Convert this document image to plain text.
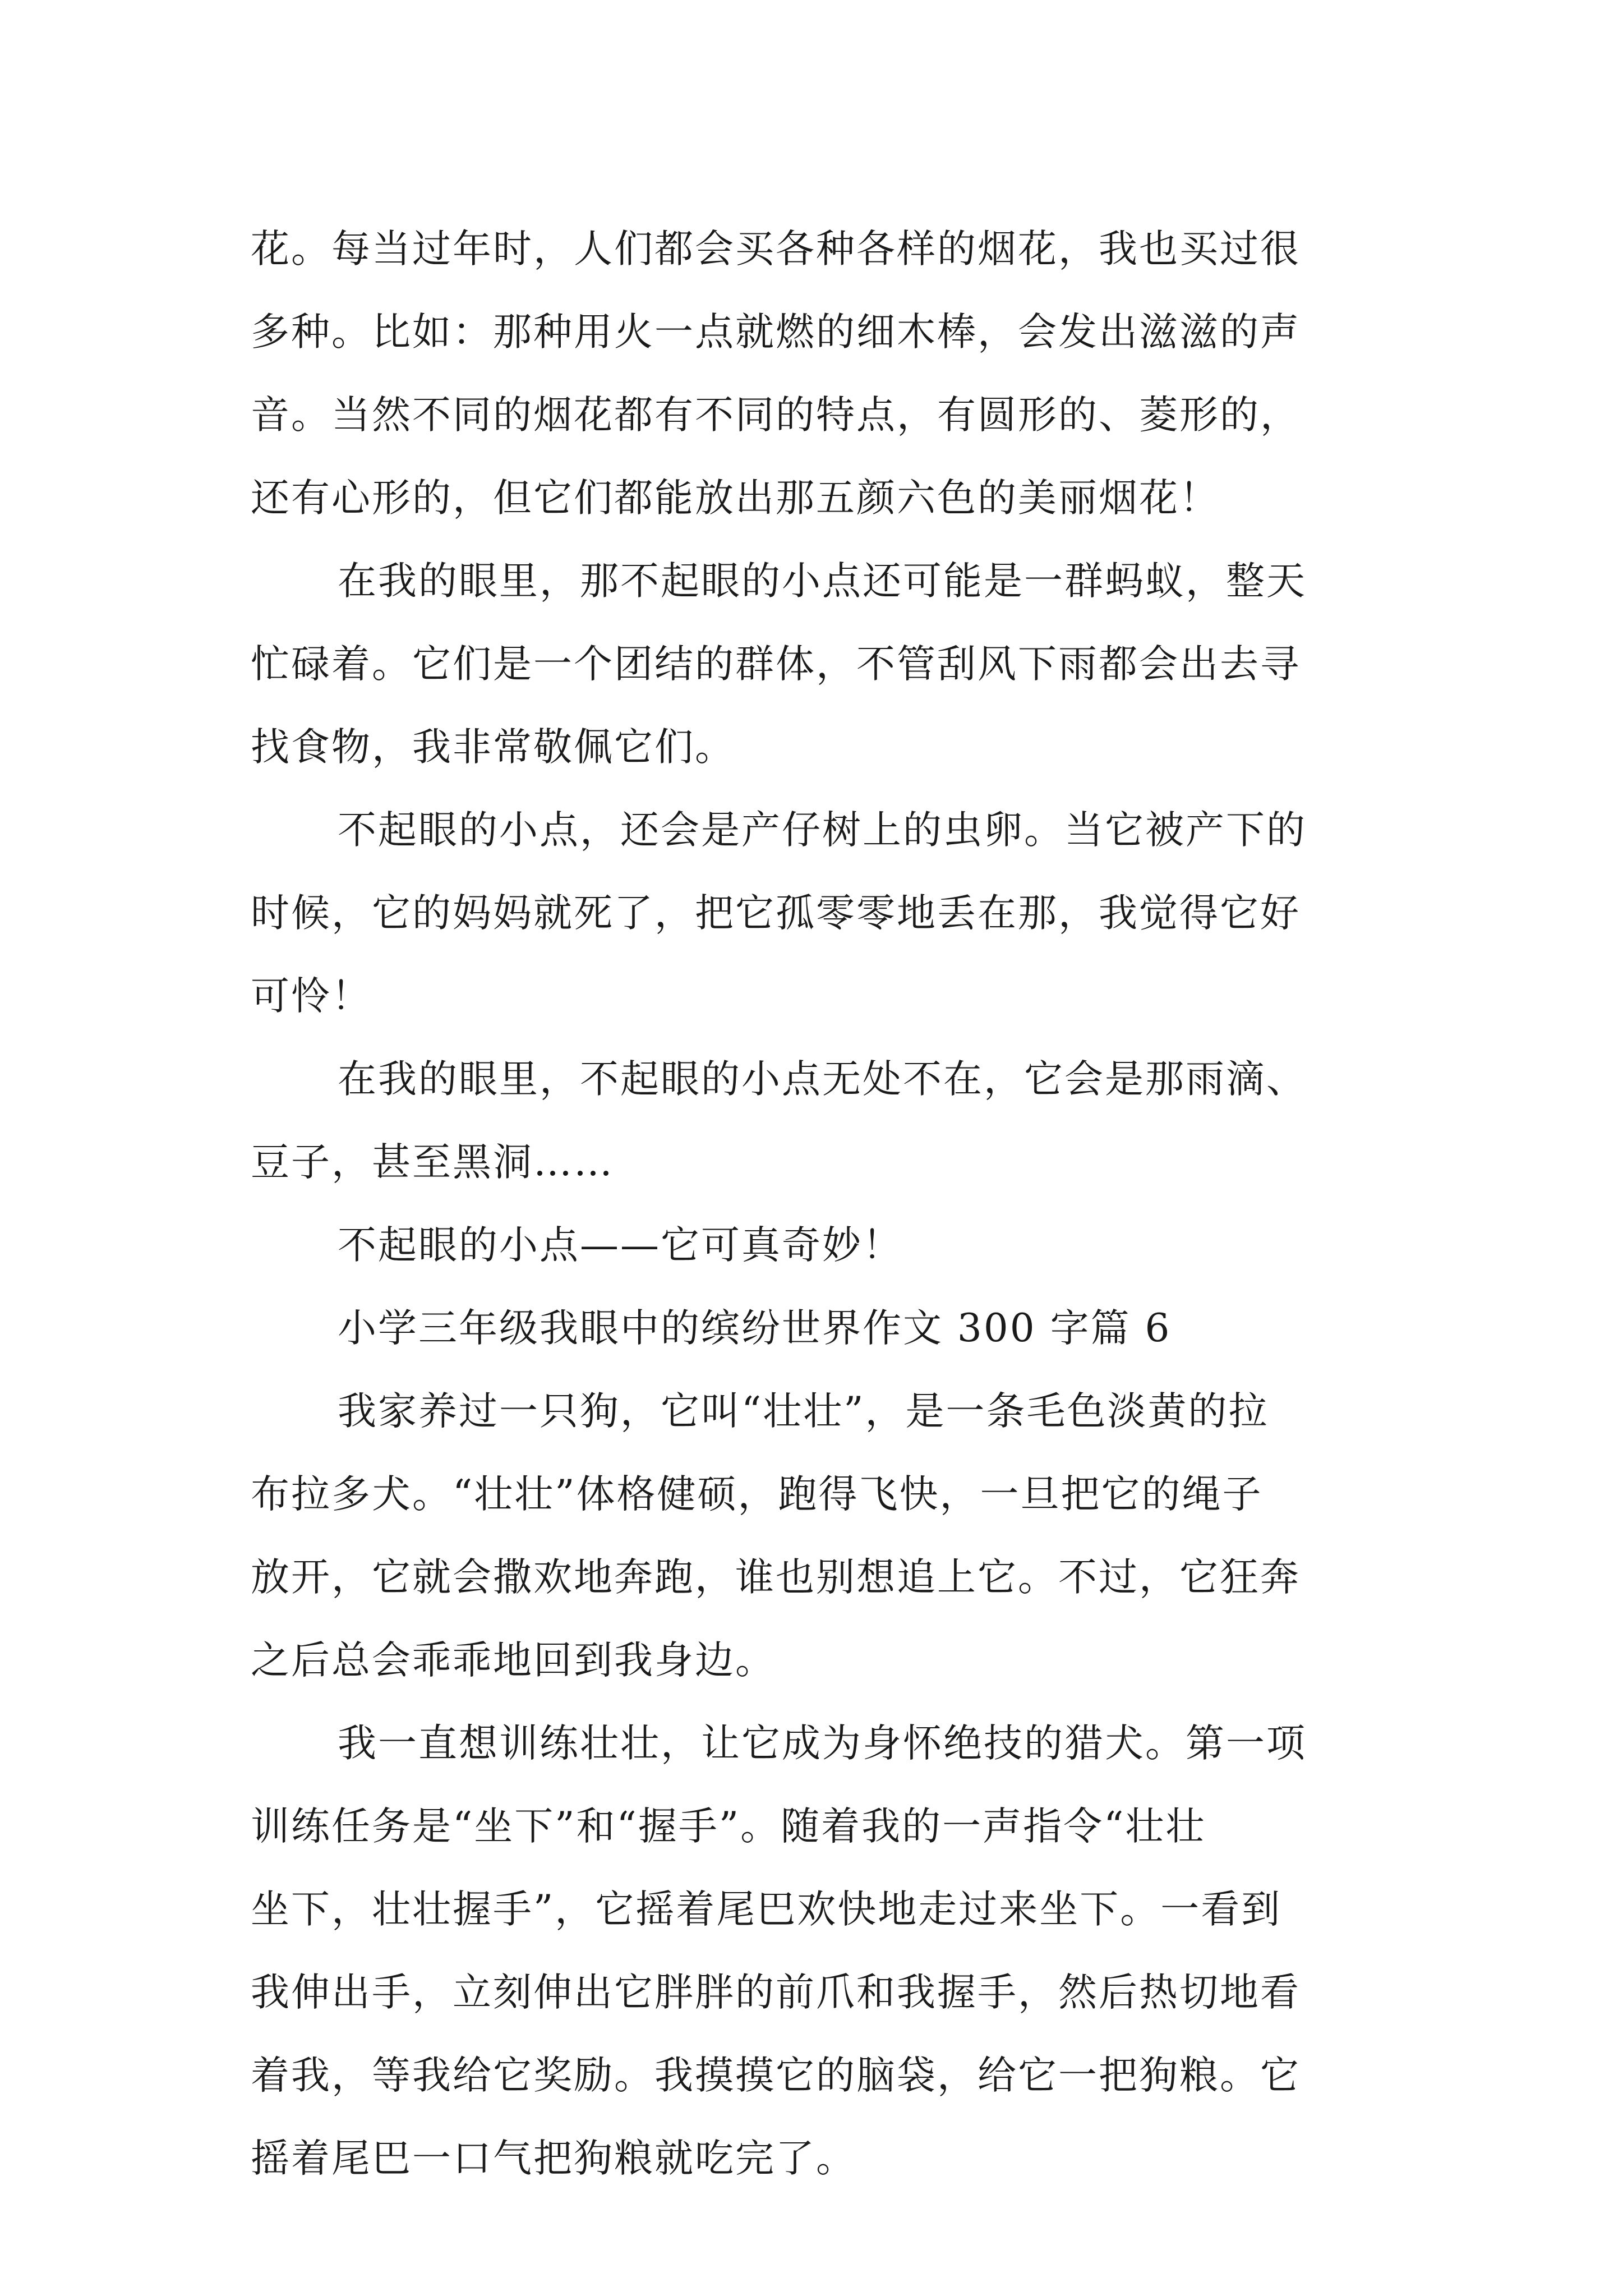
花。每当过年时，人们都会买各种各样的烟花，我也买过很
多种。比如：那种用火一点就燃的细木棒，会发出滋滋的声
音。当然不同的烟花都有不同的特点，有圆形的、菱形的，
还有心形的，但它们都能放出那五颜六色的美丽烟花！
在我的眼里，那不起眼的小点还可能是一群蚂蚁，整天
忙碌着。它们是一个团结的群体，不管刮风下雨都会出去寻
找食物，我非常敬佩它们。
不起眼的小点，还会是产仔树上的虫卵。当它被产下的
时候，它的妈妈就死了，把它孤零零地丢在那，我觉得它好
可怜！
在我的眼里，不起眼的小点无处不在，它会是那雨滴、
豆子，甚至黑洞……
不起眼的小点——它可真奇妙！
小学三年级我眼中的缤纷世界作文 300 字篇 6
我家养过一只狗，它叫“壮壮”，是一条毛色淡黄的拉
布拉多犬。“壮壮”体格健硕，跑得飞快，一旦把它的绳子
放开，它就会撒欢地奔跑，谁也别想追上它。不过，它狂奔
之后总会乖乖地回到我身边。
我一直想训练壮壮，让它成为身怀绝技的猎犬。第一项
训练任务是“坐下”和“握手”。随着我的一声指令“壮壮
坐下，壮壮握手”，它摇着尾巴欢快地走过来坐下。一看到
我伸出手，立刻伸出它胖胖的前爪和我握手，然后热切地看
着我，等我给它奖励。我摸摸它的脑袋，给它一把狗粮。它
摇着尾巴一口气把狗粮就吃完了。
